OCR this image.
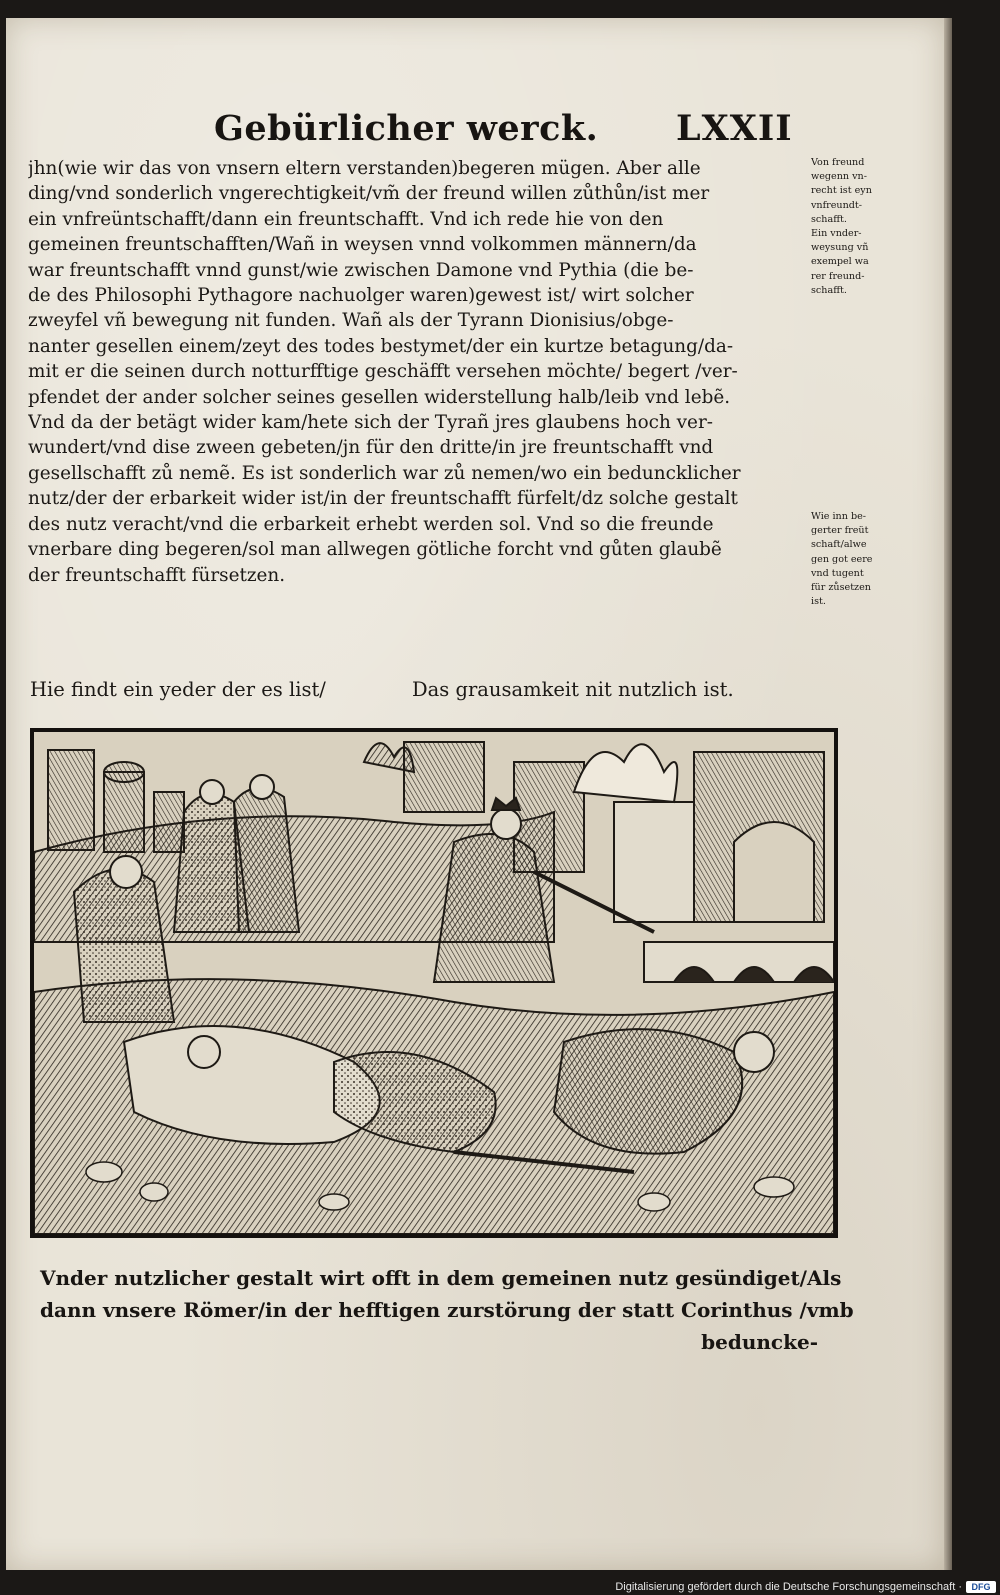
Gebürlicher werck. LXXII
jhn(wie wir das von vnsern eltern verstanden)begeren mügen. Aber alle
ding/vnd sonderlich vngerechtigkeit/vm̃ der freund willen zůthůn/ist mer
ein vnfreüntschafft/dann ein freuntschafft. Vnd ich rede hie von den
gemeinen freuntschafften/Wañ in weysen vnnd volkommen männern/da
war freuntschafft vnnd gunst/wie zwischen Damone vnd Pythia (die be-
de des Philosophi Pythagore nachuolger waren)gewest ist/ wirt solcher
zweyfel vñ bewegung nit funden. Wañ als der Tyrann Dionisius/obge-
nanter gesellen einem/zeyt des todes bestymet/der ein kurtze betagung/da-
mit er die seinen durch notturfftige geschäfft versehen möchte/ begert /ver-
pfendet der ander solcher seines gesellen widerstellung halb/leib vnd lebẽ.
Vnd da der betägt wider kam/hete sich der Tyrañ jres glaubens hoch ver-
wundert/vnd dise zween gebeten/jn für den dritte/in jre freuntschafft vnd
gesellschafft zů nemẽ. Es ist sonderlich war zů nemen/wo ein beduncklicher
nutz/der der erbarkeit wider ist/in der freuntschafft fürfelt/dz solche gestalt
des nutz veracht/vnd die erbarkeit erhebt werden sol. Vnd so die freunde
vnerbare ding begeren/sol man allwegen götliche forcht vnd gůten glaubẽ
der freuntschafft fürsetzen.
Von freund
wegenn vn-
recht ist eyn
vnfreundt-
schafft.
Ein vnder-
weysung vñ
exempel wa
rer freund-
schafft.
Wie inn be-
gerter freüt
schaft/alwe
gen got eere
vnd tugent
für zůsetzen
ist.
Hie findt ein yeder der es list/	Das grausamkeit nit nutzlich ist.
Vnder nutzlicher gestalt wirt offt in dem gemeinen nutz gesündiget/Als
dann vnsere Römer/in der hefftigen zurstörung der statt Corinthus /vmb
beduncke-
Digitalisierung gefördert durch die Deutsche Forschungsgemeinschaft ·	DFG
